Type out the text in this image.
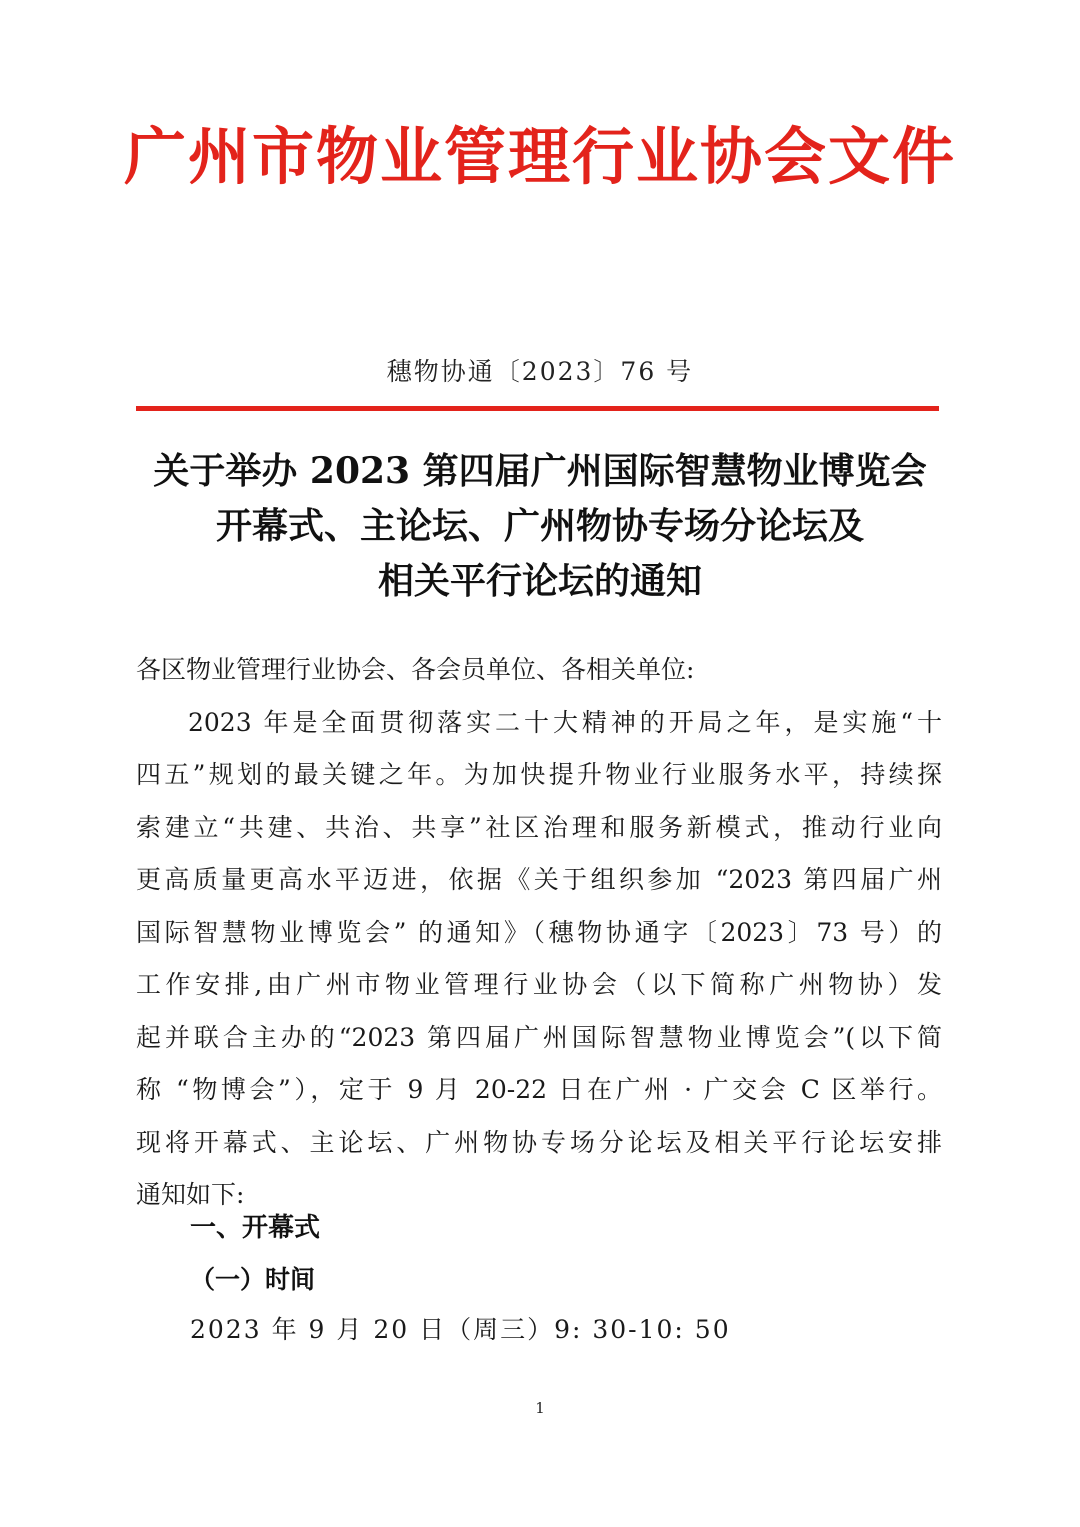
广州市物业管理行业协会文件
穗物协通〔2023〕76 号
关于举办 2023 第四届广州国际智慧物业博览会
开幕式、主论坛、广州物协专场分论坛及
相关平行论坛的通知
各区物业管理行业协会、各会员单位、各相关单位:
2023 年是全面贯彻落实二十大精神的开局之年，是实施“十
四五”规划的最关键之年。为加快提升物业行业服务水平，持续探
索建立“共建、共治、共享”社区治理和服务新模式，推动行业向
更高质量更高水平迈进，依据《关于组织参加 “2023 第四届广州
国际智慧物业博览会” 的通知》（穗物协通字〔2023〕73 号）的
工作安排,由广州市物业管理行业协会（以下简称广州物协）发
起并联合主办的“2023 第四届广州国际智慧物业博览会”(以下简
称 “物博会”），定于 9 月 20-22 日在广州 · 广交会 C 区举行。
现将开幕式、主论坛、广州物协专场分论坛及相关平行论坛安排
通知如下:
一、开幕式
（一）时间
2023 年 9 月 20 日（周三）9: 30-10: 50
1
